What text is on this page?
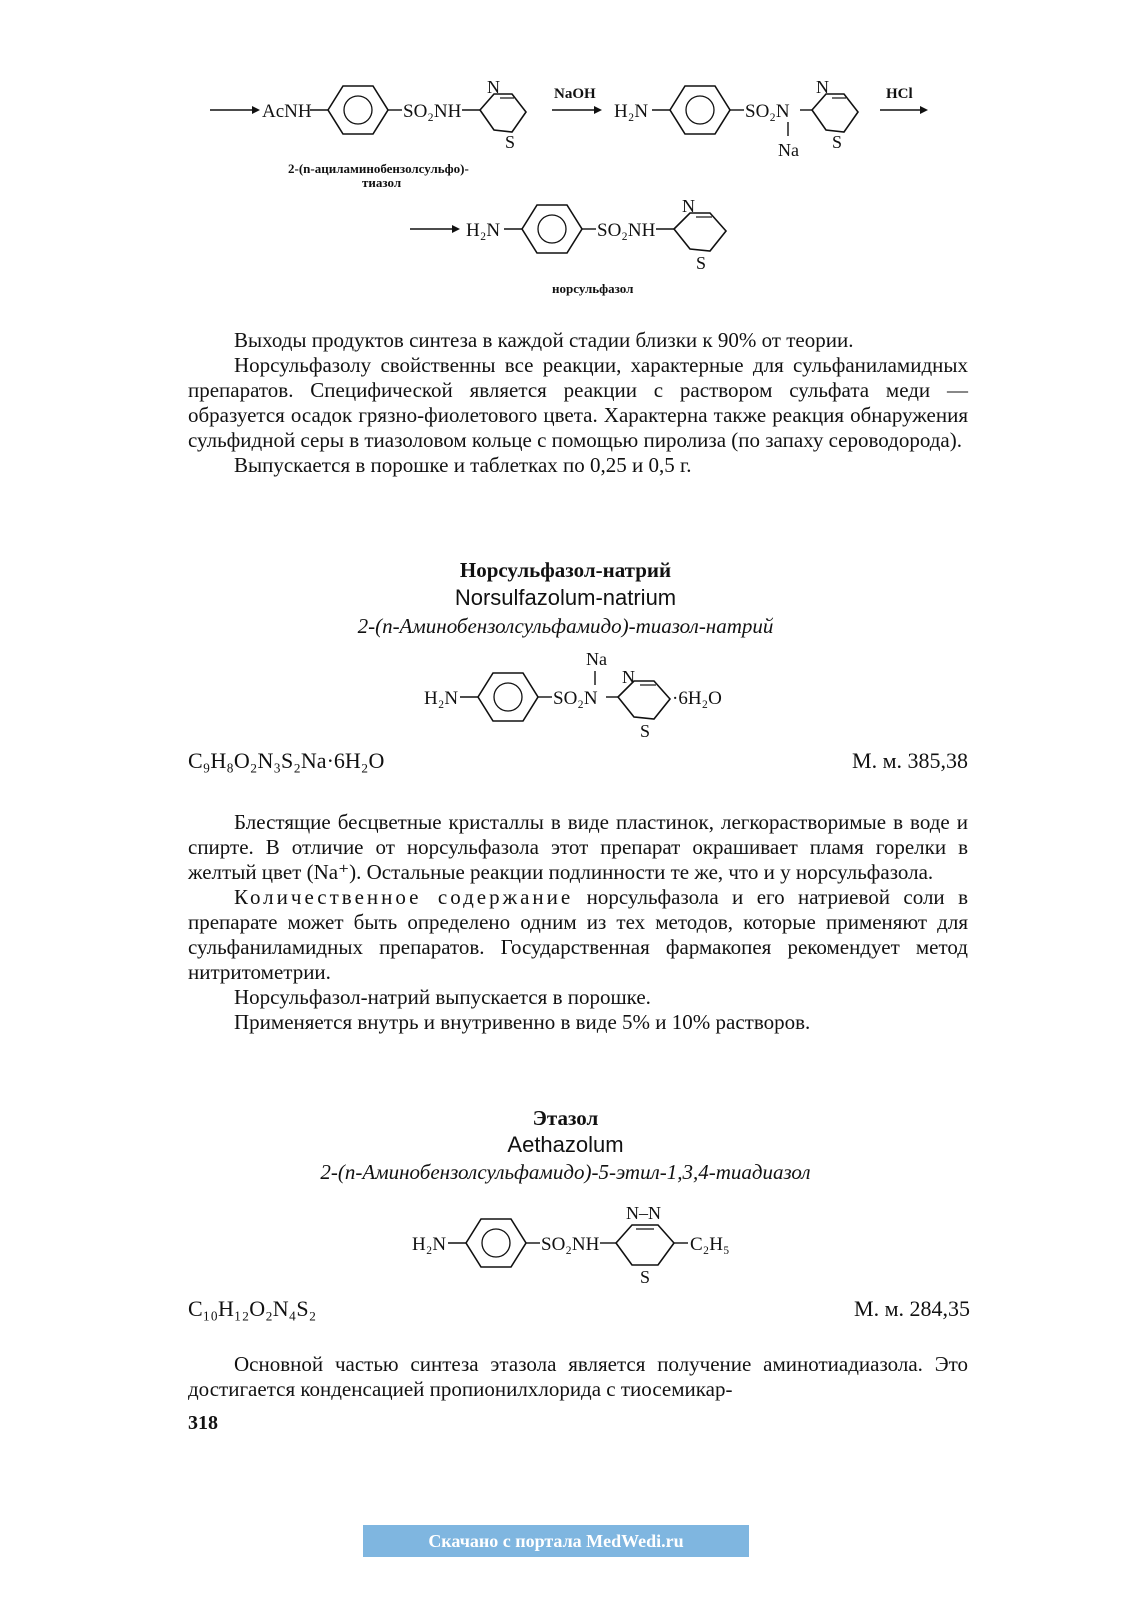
AcNH	SO₂NH
N
S
NaOH
H₂N	SO₂N
Na
N
S
HCl
2-(n-ациламинобензолсульфо)-
тиазол
H₂N	SO₂NH
N
S
норсульфазол

Выходы продуктов синтеза в каждой стадии близки к 90% от теории.

Норсульфазолу свойственны все реакции, характерные для сульфаниламидных препаратов. Специфической является реакции с раствором сульфата меди — образуется осадок грязно-фиолетового цвета. Характерна также реакция обнаружения сульфидной серы в тиазоловом кольце с помощью пиролиза (по запаху сероводорода).

Выпускается в порошке и таблетках по 0,25 и 0,5 г.

Норсульфазол-натрий
Norsulfazolum-natrium
2-(n-Аминобензолсульфамидо)-тиазол-натрий
H₂N	SO₂N
Na
N
S
·6H₂O
C₉H₈O₂N₃S₂Na·6H₂O	М. м. 385,38

Блестящие бесцветные кристаллы в виде пластинок, легкорастворимые в воде и спирте. В отличие от норсульфазола этот препарат окрашивает пламя горелки в желтый цвет (Na⁺). Остальные реакции подлинности те же, что и у норсульфазола.

Количественное содержание норсульфазола и его натриевой соли в препарате может быть определено одним из тех методов, которые применяют для сульфаниламидных препаратов. Государственная фармакопея рекомендует метод нитритометрии.

Норсульфазол-натрий выпускается в порошке.

Применяется внутрь и внутривенно в виде 5% и 10% растворов.

Этазол
Aethazolum
2-(n-Аминобензолсульфамидо)-5-этил-1,3,4-тиадиазол
H₂N	SO₂NH
N–N
S
C₂H₅
C₁₀H₁₂O₂N₄S₂	М. м. 284,35

Основной частью синтеза этазола является получение аминотиадиазола. Это достигается конденсацией пропионилхлорида с тиосемикар-

318
Скачано с портала MedWedi.ru
